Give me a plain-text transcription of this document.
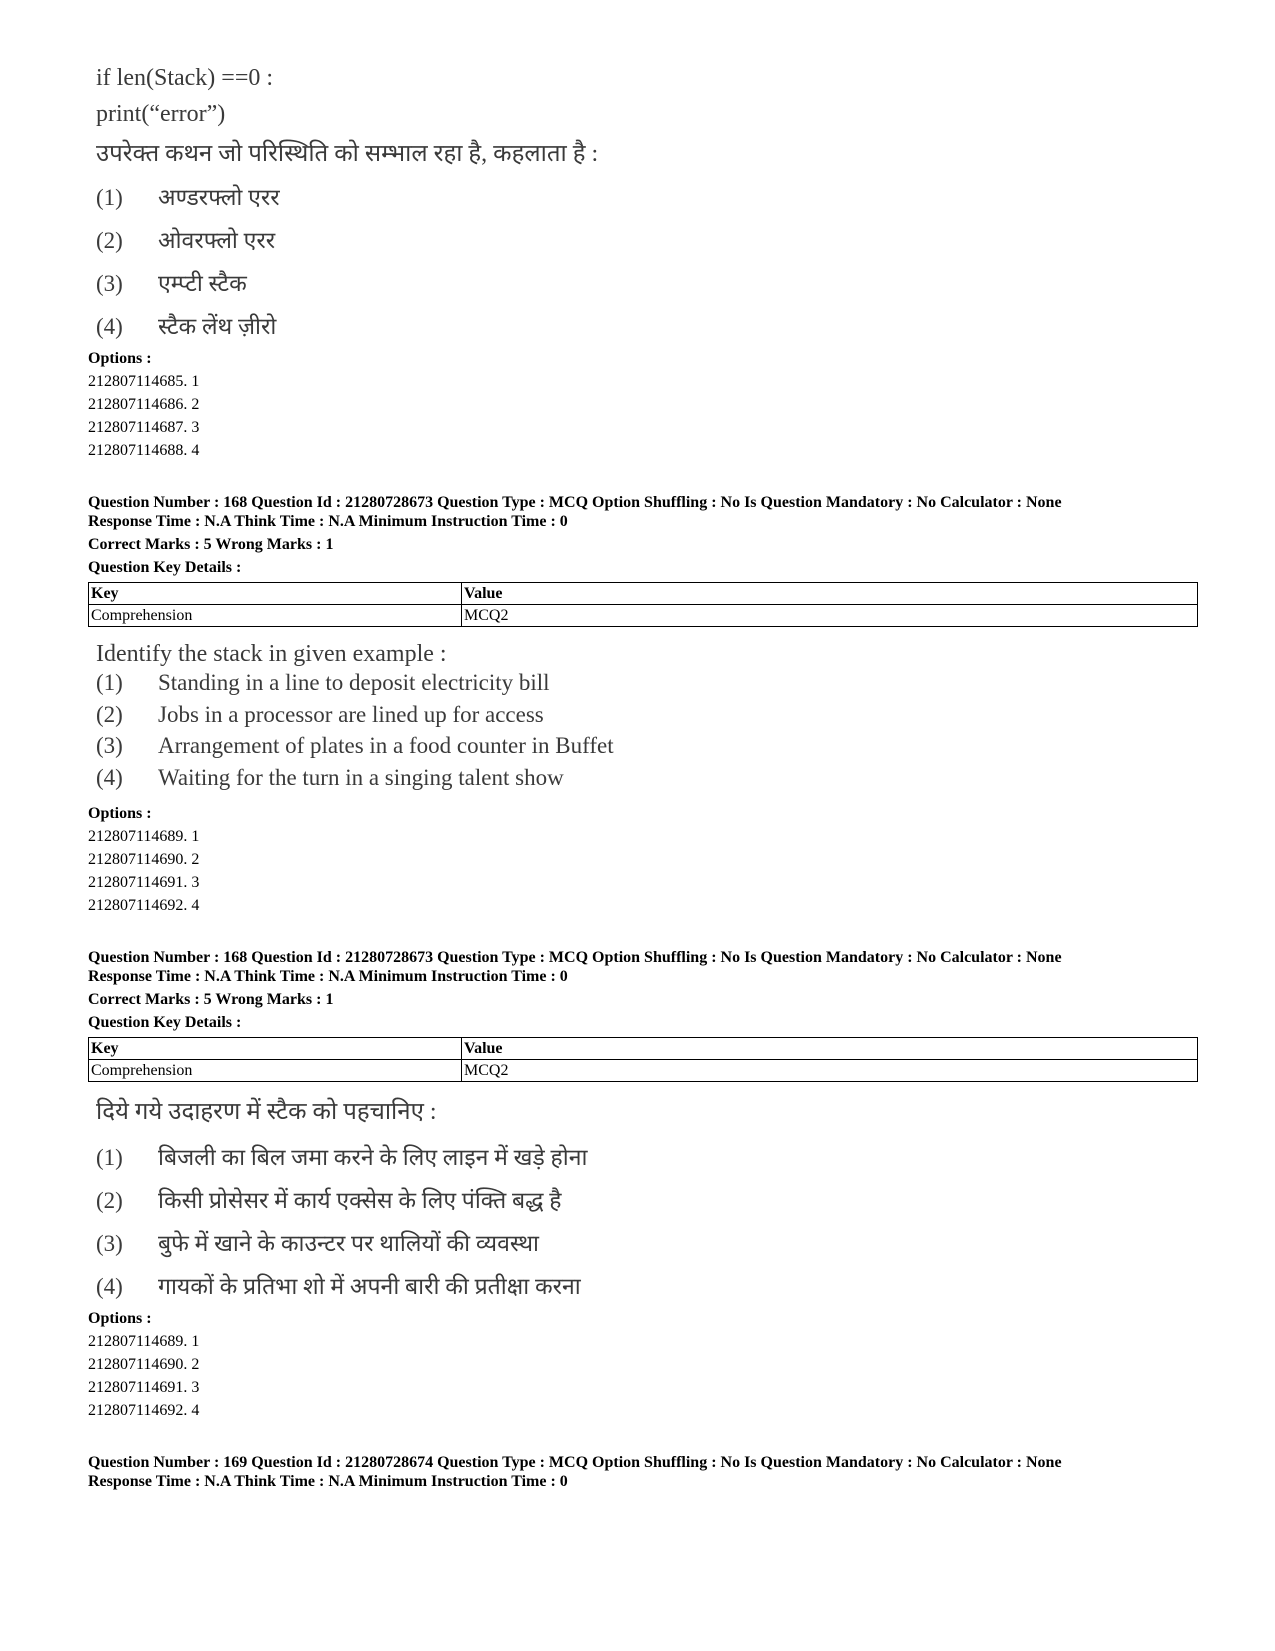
if len(Stack) ==0 :
print(“error”)
उपरेक्त कथन जो परिस्थिति को सम्भाल रहा है, कहलाता है :
(1) अण्डरफ्लो एरर
(2) ओवरफ्लो एरर
(3) एम्प्टी स्टैक
(4) स्टैक लेंथ ज़ीरो
Options :
212807114685. 1
212807114686. 2
212807114687. 3
212807114688. 4
Question Number : 168 Question Id : 21280728673 Question Type : MCQ Option Shuffling : No Is Question Mandatory : No Calculator : None
Response Time : N.A Think Time : N.A Minimum Instruction Time : 0
Correct Marks : 5 Wrong Marks : 1
Question Key Details :
Key	Value
Comprehension	MCQ2
Identify the stack in given example :
(1) Standing in a line to deposit electricity bill
(2) Jobs in a processor are lined up for access
(3) Arrangement of plates in a food counter in Buffet
(4) Waiting for the turn in a singing talent show
Options :
212807114689. 1
212807114690. 2
212807114691. 3
212807114692. 4
Question Number : 168 Question Id : 21280728673 Question Type : MCQ Option Shuffling : No Is Question Mandatory : No Calculator : None
Response Time : N.A Think Time : N.A Minimum Instruction Time : 0
Correct Marks : 5 Wrong Marks : 1
Question Key Details :
Key	Value
Comprehension	MCQ2
दिये गये उदाहरण में स्टैक को पहचानिए :
(1) बिजली का बिल जमा करने के लिए लाइन में खड़े होना
(2) किसी प्रोसेसर में कार्य एक्सेस के लिए पंक्ति बद्ध है
(3) बुफे में खाने के काउन्टर पर थालियों की व्यवस्था
(4) गायकों के प्रतिभा शो में अपनी बारी की प्रतीक्षा करना
Options :
212807114689. 1
212807114690. 2
212807114691. 3
212807114692. 4
Question Number : 169 Question Id : 21280728674 Question Type : MCQ Option Shuffling : No Is Question Mandatory : No Calculator : None
Response Time : N.A Think Time : N.A Minimum Instruction Time : 0
